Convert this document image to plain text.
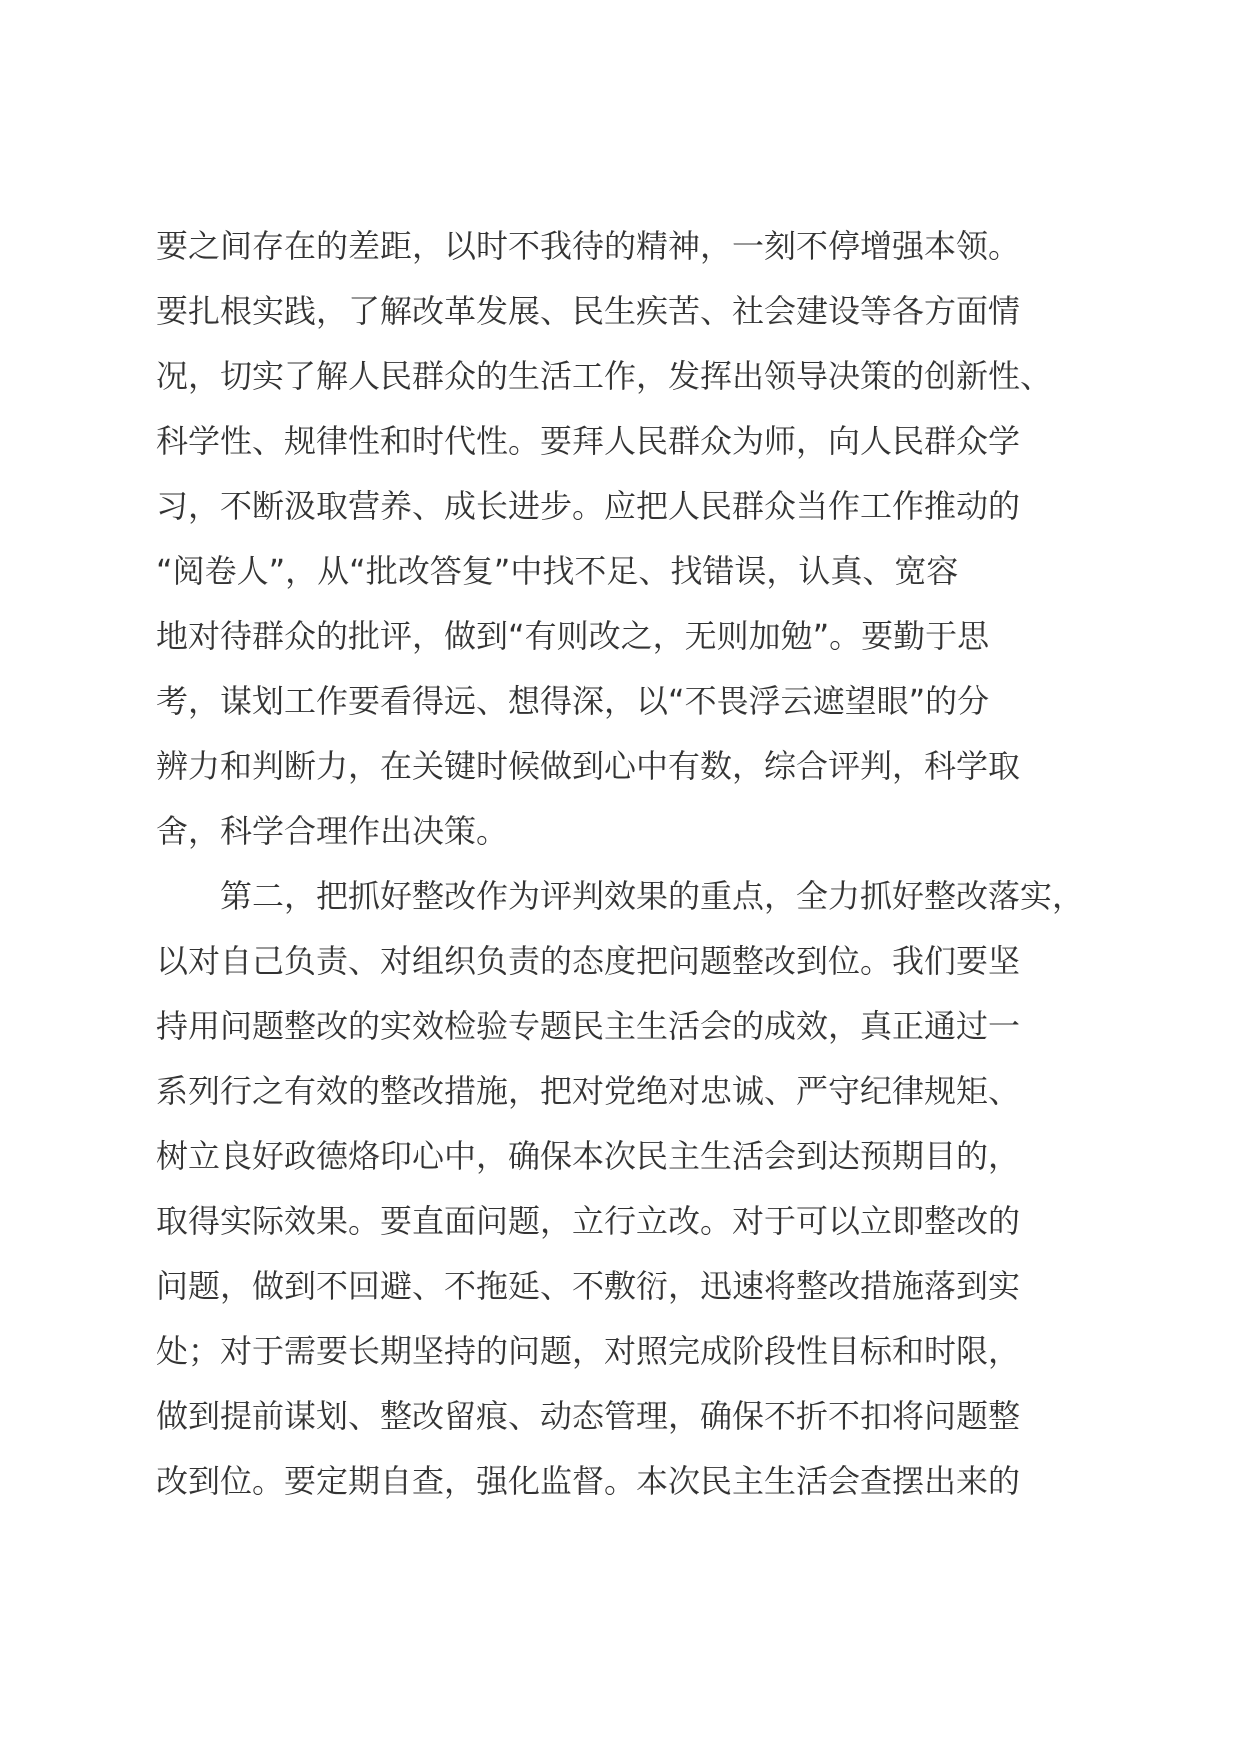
要之间存在的差距，以时不我待的精神，一刻不停增强本领。
要扎根实践，了解改革发展、民生疾苦、社会建设等各方面情
况，切实了解人民群众的生活工作，发挥出领导决策的创新性、
科学性、规律性和时代性。要拜人民群众为师，向人民群众学
习，不断汲取营养、成长进步。应把人民群众当作工作推动的
“阅卷人”，从“批改答复”中找不足、找错误，认真、宽容
地对待群众的批评，做到“有则改之，无则加勉”。要勤于思
考，谋划工作要看得远、想得深，以“不畏浮云遮望眼”的分
辨力和判断力，在关键时候做到心中有数，综合评判，科学取
舍，科学合理作出决策。
　　第二，把抓好整改作为评判效果的重点，全力抓好整改落实，
以对自己负责、对组织负责的态度把问题整改到位。我们要坚
持用问题整改的实效检验专题民主生活会的成效，真正通过一
系列行之有效的整改措施，把对党绝对忠诚、严守纪律规矩、
树立良好政德烙印心中，确保本次民主生活会到达预期目的，
取得实际效果。要直面问题，立行立改。对于可以立即整改的
问题，做到不回避、不拖延、不敷衍，迅速将整改措施落到实
处；对于需要长期坚持的问题，对照完成阶段性目标和时限，
做到提前谋划、整改留痕、动态管理，确保不折不扣将问题整
改到位。要定期自查，强化监督。本次民主生活会查摆出来的
